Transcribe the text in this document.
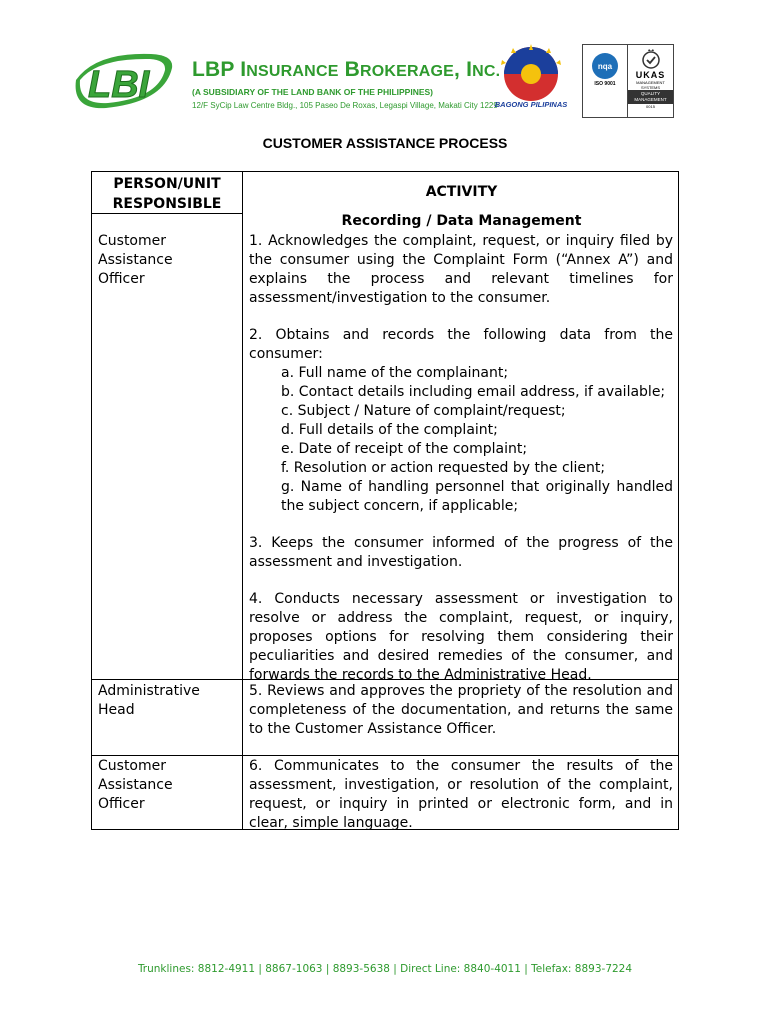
LBI LBP INSURANCE BROKERAGE, INC.
(A SUBSIDIARY OF THE LAND BANK OF THE PHILIPPINES)
12/F SyCip Law Centre Bldg., 105 Paseo De Roxas, Legaspi Village, Makati City 1229
BAGONG PILIPINAS
nqa
ISO 9001
UKAS
MANAGEMENT SYSTEMS
QUALITY MANAGEMENT
0015
CUSTOMER ASSISTANCE PROCESS
PERSON/UNIT
RESPONSIBLE
ACTIVITY
Recording / Data Management
Customer Assistance
Officer

1. Acknowledges the complaint, request, or inquiry filed by the consumer using the Complaint Form (“Annex A”) and explains the process and relevant timelines for assessment/investigation to the consumer.

2. Obtains and records the following data from the consumer:

a. Full name of the complainant;
b. Contact details including email address, if available;
c. Subject / Nature of complaint/request;
d. Full details of the complaint;
e. Date of receipt of the complaint;
f. Resolution or action requested by the client;
g. Name of handling personnel that originally handled the subject concern, if applicable;

3. Keeps the consumer informed of the progress of the assessment and investigation.

4. Conducts necessary assessment or investigation to resolve or address the complaint, request, or inquiry, proposes options for resolving them considering their peculiarities and desired remedies of the consumer, and forwards the records to the Administrative Head.

Administrative Head
5. Reviews and approves the propriety of the resolution and completeness of the documentation, and returns the same to the Customer Assistance Officer.
Customer Assistance
Officer
6. Communicates to the consumer the results of the assessment, investigation, or resolution of the complaint, request, or inquiry in printed or electronic form, and in clear, simple language.
Trunklines: 8812-4911 | 8867-1063 | 8893-5638 | Direct Line: 8840-4011 | Telefax: 8893-7224
